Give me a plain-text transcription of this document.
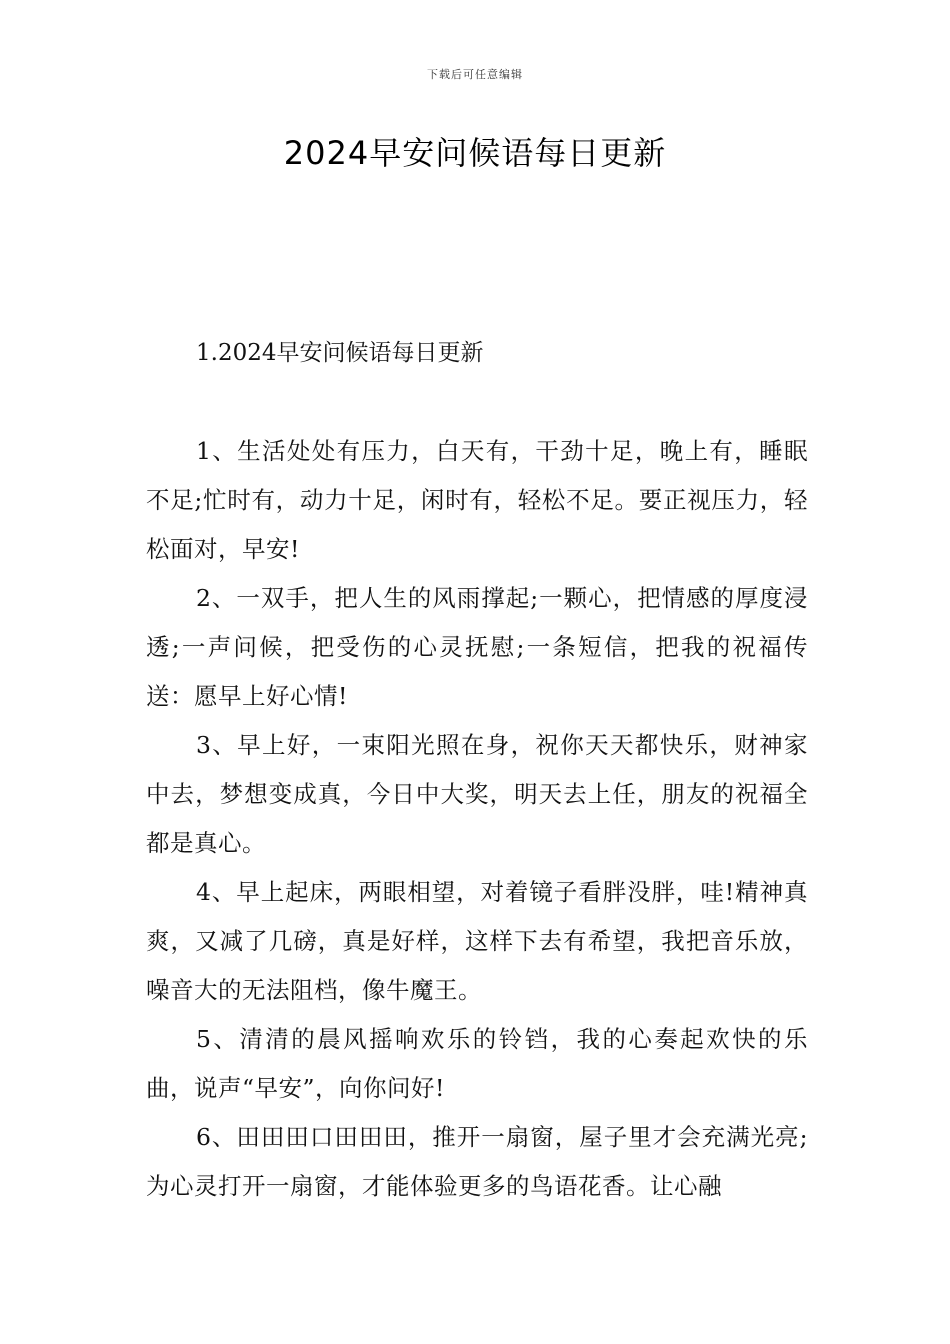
下载后可任意编辑
2024早安问候语每日更新
1.2024早安问候语每日更新

1、生活处处有压力，白天有，干劲十足，晚上有，睡眠不足;忙时有，动力十足，闲时有，轻松不足。要正视压力，轻松面对，早安!

2、一双手，把人生的风雨撑起;一颗心，把情感的厚度浸透;一声问候，把受伤的心灵抚慰;一条短信，把我的祝福传送：愿早上好心情!

3、早上好，一束阳光照在身，祝你天天都快乐，财神家中去，梦想变成真，今日中大奖，明天去上任，朋友的祝福全都是真心。

4、早上起床，两眼相望，对着镜子看胖没胖，哇!精神真爽，又减了几磅，真是好样，这样下去有希望，我把音乐放，噪音大的无法阻档，像牛魔王。

5、清清的晨风摇响欢乐的铃铛，我的心奏起欢快的乐曲，说声“早安”，向你问好!

6、田田田口田田田，推开一扇窗，屋子里才会充满光亮;为心灵打开一扇窗，才能体验更多的鸟语花香。让心融
